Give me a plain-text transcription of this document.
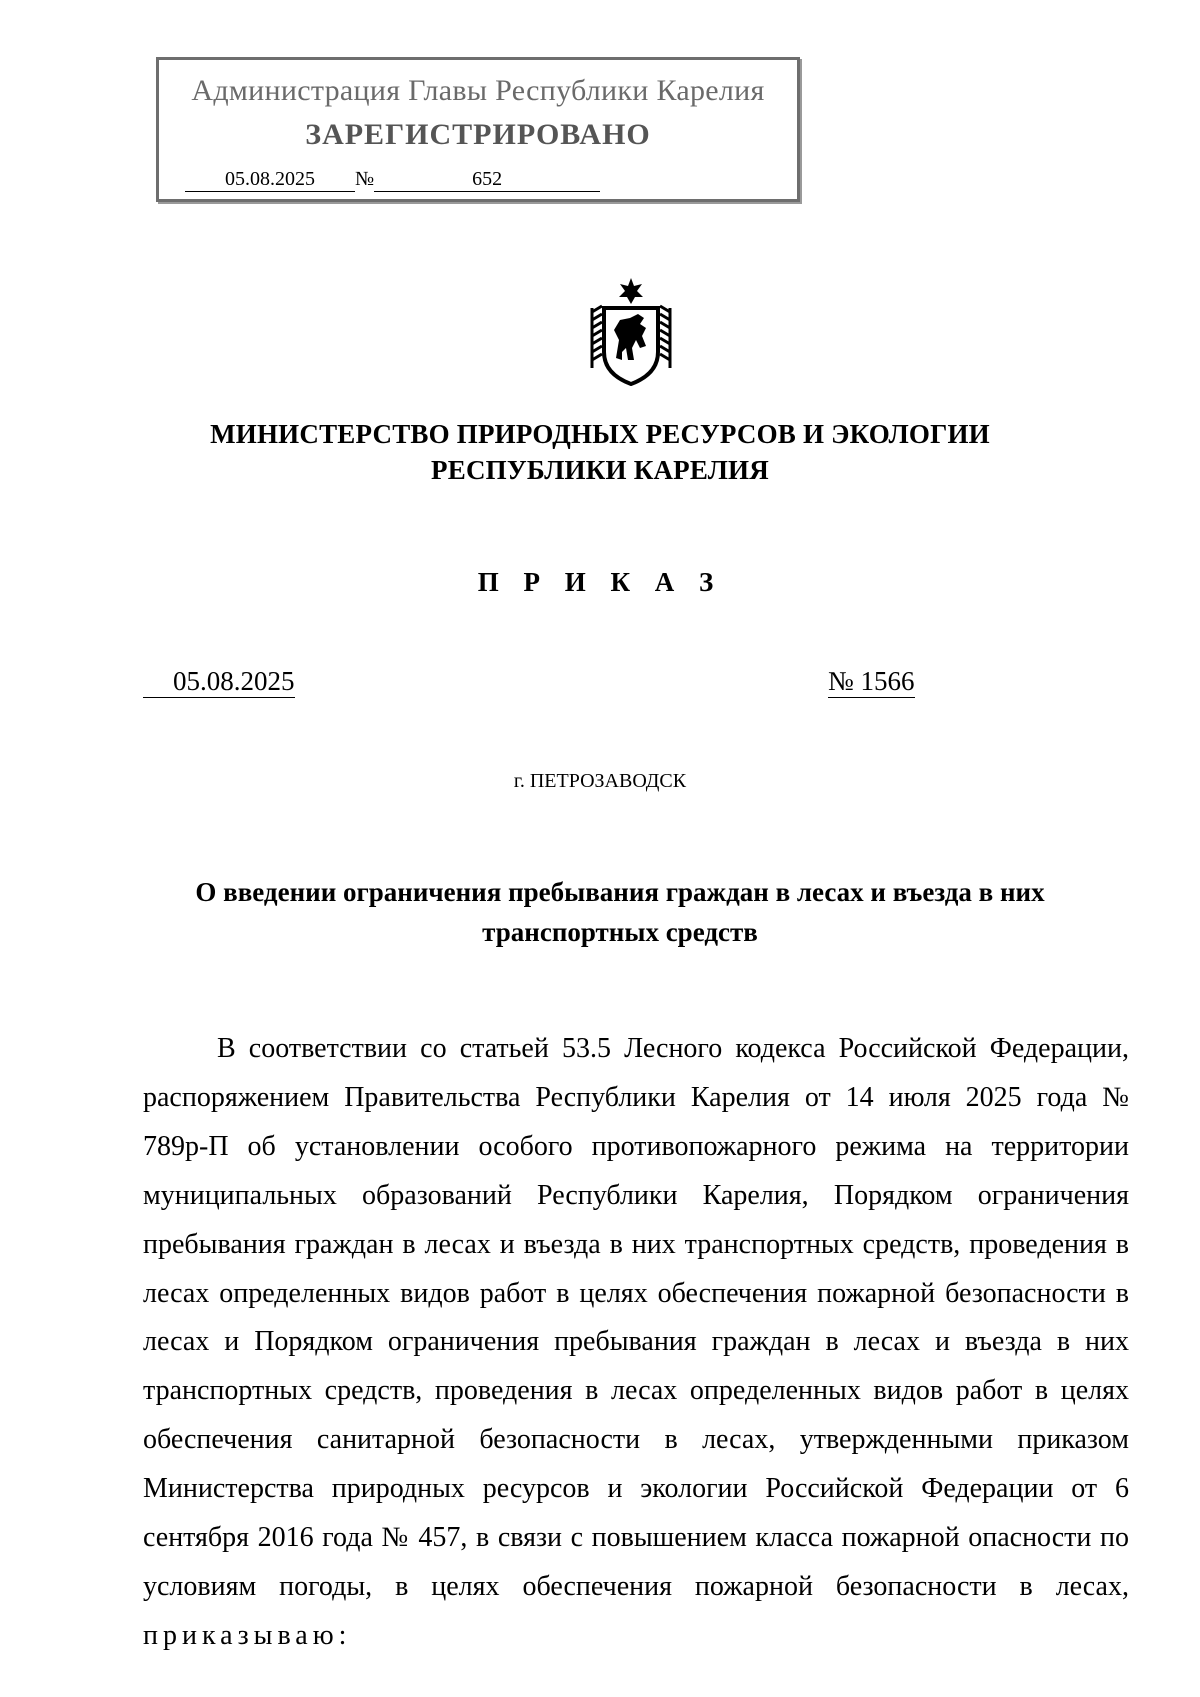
Администрация Главы Республики Карелия
ЗАРЕГИСТРИРОВАНО
05.08.2025 №	652
МИНИСТЕРСТВО ПРИРОДНЫХ РЕСУРСОВ И ЭКОЛОГИИ
РЕСПУБЛИКИ КАРЕЛИЯ
П Р И К А З
05.08.2025	№ 1566
г. ПЕТРОЗАВОДСК
О введении ограничения пребывания граждан в лесах и въезда в них
транспортных средств

В соответствии со статьей 53.5 Лесного кодекса Российской Федерации, распоряжением Правительства Республики Карелия от 14 июля 2025 года № 789р-П об установлении особого противопожарного режима на территории муниципальных образований Республики Карелия, Порядком ограничения пребывания граждан в лесах и въезда в них транспортных средств, проведения в лесах определенных видов работ в целях обеспечения пожарной безопасности в лесах и Порядком ограничения пребывания граждан в лесах и въезда в них транспортных средств, проведения в лесах определенных видов работ в целях обеспечения санитарной безопасности в лесах, утвержденными приказом Министерства природных ресурсов и экологии Российской Федерации от 6 сентября 2016 года № 457, в связи с повышением класса пожарной опасности по условиям погоды, в целях обеспечения пожарной безопасности в лесах, приказываю:
